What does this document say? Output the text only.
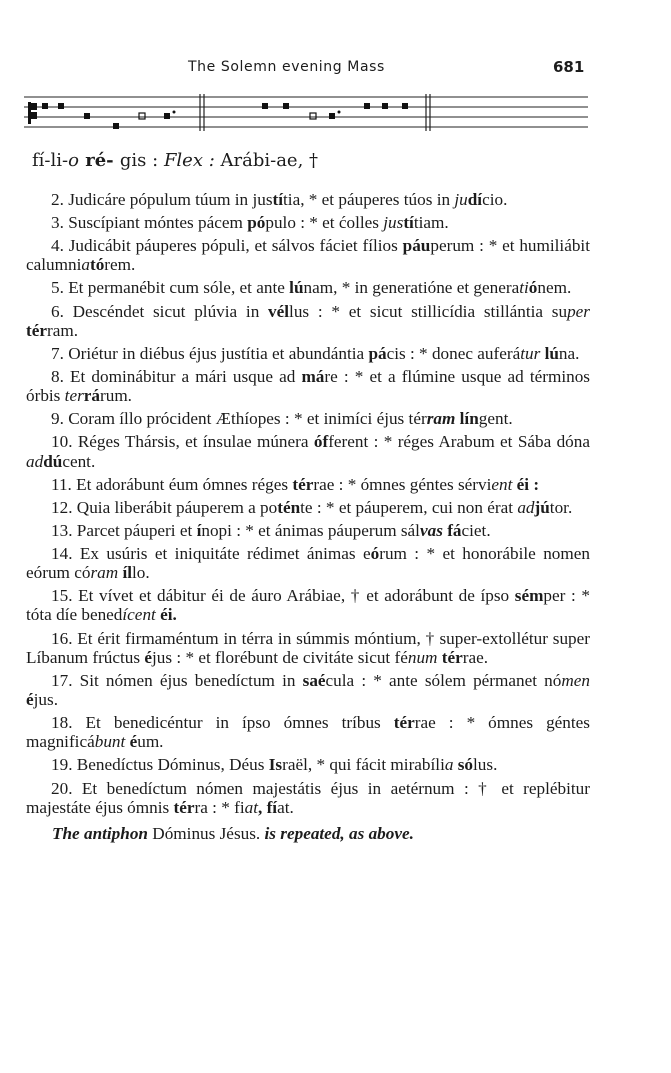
The Solemn evening Mass	681
fí-li-o ré- gis : Flex : Arábi-ae, †

2. Judicáre pópulum túum in justítia, * et páuperes túos in judício.

3. Suscípiant móntes pácem pópulo : * et ćolles justítiam.

4. Judicábit páuperes pópuli, et sálvos fáciet fílios páuperum : * et humiliábit calumniatórem.

5. Et permanébit cum sóle, et ante lúnam, * in generatióne et generatiónem.

6. Descéndet sicut plúvia in véllus : * et sicut stillicídia stillántia super térram.

7. Oriétur in diébus éjus justítia et abundántia pácis : * donec auferátur lúna.

8. Et dominábitur a mári usque ad máre : * et a flúmine usque ad términos órbis terrárum.

9. Coram íllo prócident Æthíopes : * et inimíci éjus térram língent.

10. Réges Thársis, et ínsulae múnera ófferent : * réges Arabum et Sába dóna addúcent.

11. Et adorábunt éum ómnes réges térrae : * ómnes géntes sérvient éi :

12. Quia liberábit páuperem a poténte : * et páuperem, cui non érat adjútor.

13. Parcet páuperi et ínopi : * et ánimas páuperum sálvas fáciet.

14. Ex usúris et iniquitáte rédimet ánimas eórum : * et honorábile nomen eórum córam íllo.

15. Et vívet et dábitur éi de áuro Arábiae, † et adorábunt de ípso sémper : * tóta díe benedícent éi.

16. Et érit firmaméntum in térra in súmmis móntium, † super-extollétur super Líbanum frúctus éjus : * et florébunt de civitáte sicut fénum térrae.

17. Sit nómen éjus benedíctum in saécula : * ante sólem pérmanet nómen éjus.

18. Et benedicéntur in ípso ómnes tríbus térrae : * ómnes géntes magnificábunt éum.

19. Benedíctus Dóminus, Déus Israël, * qui fácit mirabília sólus.

20. Et benedíctum nómen majestátis éjus in aetérnum : † et replébitur majestáte éjus ómnis térra : * fiat, fíat.

The antiphon Dóminus Jésus. is repeated, as above.
